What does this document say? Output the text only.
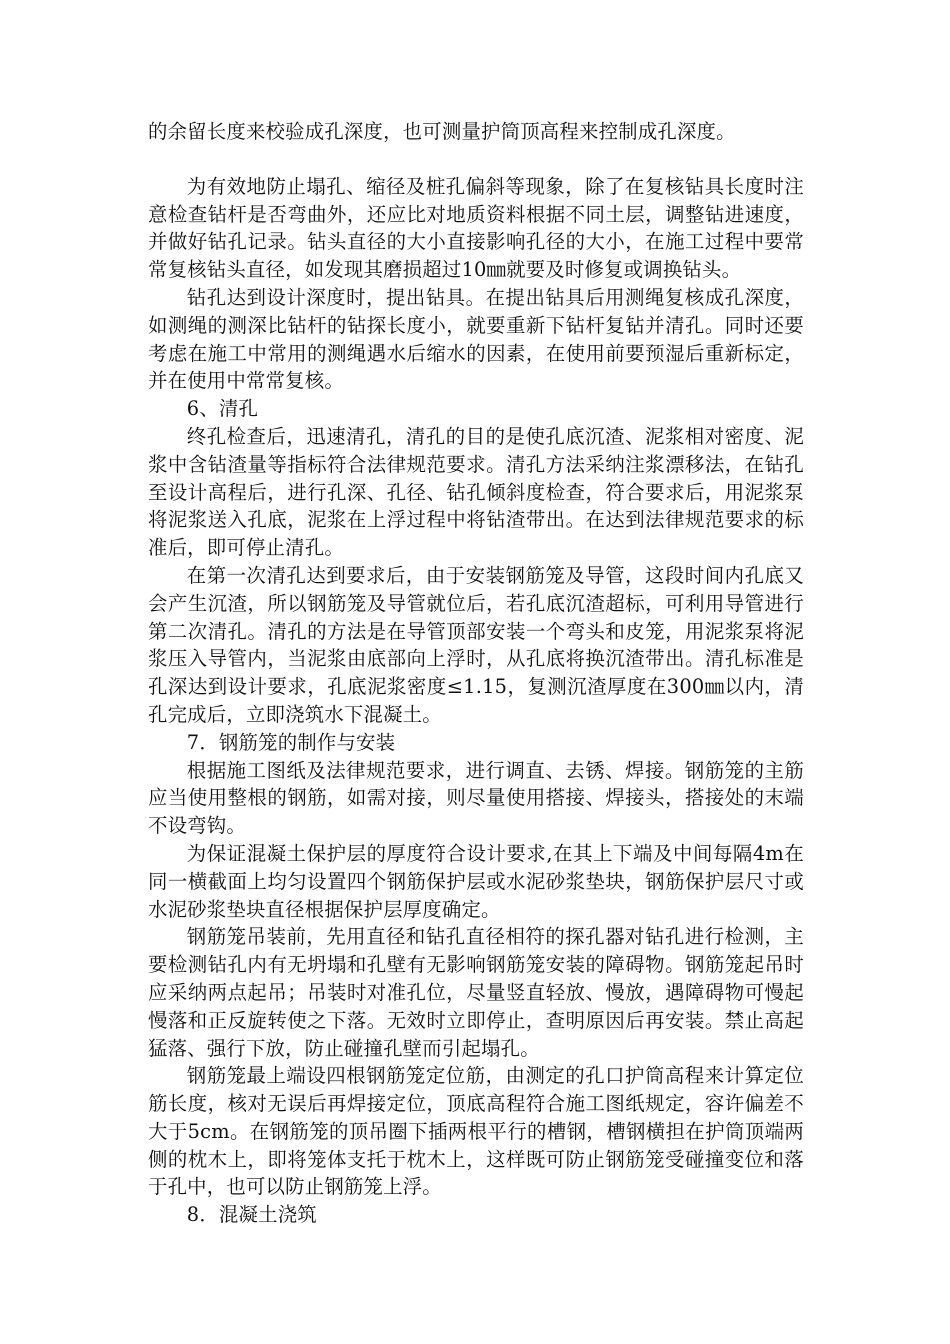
的余留长度来校验成孔深度，也可测量护筒顶高程来控制成孔深度。

为有效地防止塌孔、缩径及桩孔偏斜等现象，除了在复核钻具长度时注意检查钻杆是否弯曲外，还应比对地质资料根据不同土层，调整钻进速度，并做好钻孔记录。钻头直径的大小直接影响孔径的大小，在施工过程中要常常复核钻头直径，如发现其磨损超过10㎜就要及时修复或调换钻头。

钻孔达到设计深度时，提出钻具。在提出钻具后用测绳复核成孔深度，如测绳的测深比钻杆的钻探长度小，就要重新下钻杆复钻并清孔。同时还要考虑在施工中常用的测绳遇水后缩水的因素，在使用前要预湿后重新标定，并在使用中常常复核。

6、清孔

终孔检查后，迅速清孔，清孔的目的是使孔底沉渣、泥浆相对密度、泥浆中含钻渣量等指标符合法律规范要求。清孔方法采纳注浆漂移法，在钻孔至设计高程后，进行孔深、孔径、钻孔倾斜度检查，符合要求后，用泥浆泵将泥浆送入孔底，泥浆在上浮过程中将钻渣带出。在达到法律规范要求的标准后，即可停止清孔。

在第一次清孔达到要求后，由于安装钢筋笼及导管，这段时间内孔底又会产生沉渣，所以钢筋笼及导管就位后，若孔底沉渣超标，可利用导管进行第二次清孔。清孔的方法是在导管顶部安装一个弯头和皮笼，用泥浆泵将泥浆压入导管内，当泥浆由底部向上浮时，从孔底将换沉渣带出。清孔标准是孔深达到设计要求，孔底泥浆密度≤1.15，复测沉渣厚度在300㎜以内，清孔完成后，立即浇筑水下混凝土。

7．钢筋笼的制作与安装

根据施工图纸及法律规范要求，进行调直、去锈、焊接。钢筋笼的主筋应当使用整根的钢筋，如需对接，则尽量使用搭接、焊接头，搭接处的末端不设弯钩。

为保证混凝土保护层的厚度符合设计要求,在其上下端及中间每隔4m在同一横截面上均匀设置四个钢筋保护层或水泥砂浆垫块，钢筋保护层尺寸或水泥砂浆垫块直径根据保护层厚度确定。

钢筋笼吊装前，先用直径和钻孔直径相符的探孔器对钻孔进行检测，主要检测钻孔内有无坍塌和孔壁有无影响钢筋笼安装的障碍物。钢筋笼起吊时应采纳两点起吊；吊装时对准孔位，尽量竖直轻放、慢放，遇障碍物可慢起慢落和正反旋转使之下落。无效时立即停止，查明原因后再安装。禁止高起猛落、强行下放，防止碰撞孔壁而引起塌孔。

钢筋笼最上端设四根钢筋笼定位筋，由测定的孔口护筒高程来计算定位筋长度，核对无误后再焊接定位，顶底高程符合施工图纸规定，容许偏差不大于5cm。在钢筋笼的顶吊圈下插两根平行的槽钢，槽钢横担在护筒顶端两侧的枕木上，即将笼体支托于枕木上，这样既可防止钢筋笼受碰撞变位和落于孔中，也可以防止钢筋笼上浮。

8．混凝土浇筑
